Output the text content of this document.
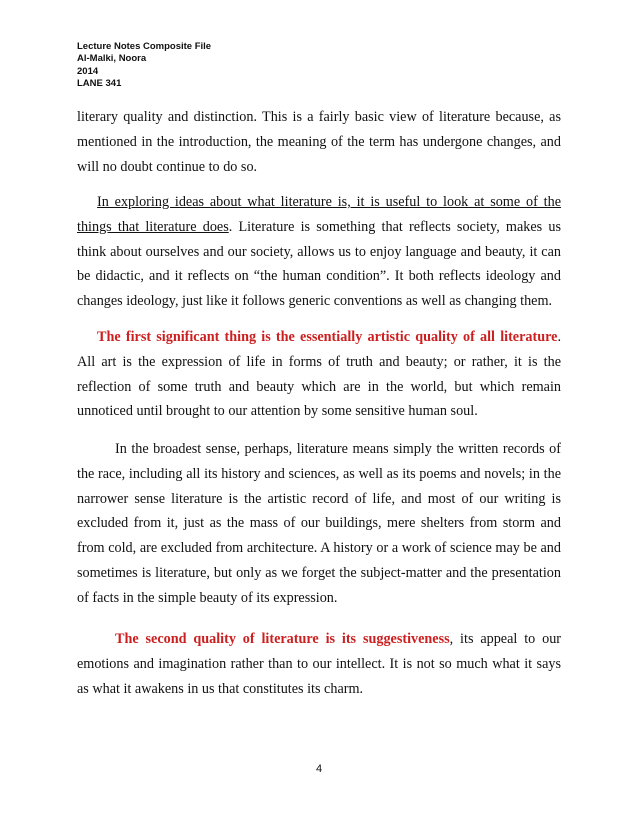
Lecture Notes Composite File
Al-Malki, Noora
2014
LANE 341

literary quality and distinction. This is a fairly basic view of literature because, as mentioned in the introduction, the meaning of the term has undergone changes, and will no doubt continue to do so.

In exploring ideas about what literature is, it is useful to look at some of the things that literature does. Literature is something that reflects society, makes us think about ourselves and our society, allows us to enjoy language and beauty, it can be didactic, and it reflects on “the human condition”. It both reflects ideology and changes ideology, just like it follows generic conventions as well as changing them.

The first significant thing is the essentially artistic quality of all literature. All art is the expression of life in forms of truth and beauty; or rather, it is the reflection of some truth and beauty which are in the world, but which remain unnoticed until brought to our attention by some sensitive human soul.

In the broadest sense, perhaps, literature means simply the written records of the race, including all its history and sciences, as well as its poems and novels; in the narrower sense literature is the artistic record of life, and most of our writing is excluded from it, just as the mass of our buildings, mere shelters from storm and from cold, are excluded from architecture. A history or a work of science may be and sometimes is literature, but only as we forget the subject-matter and the presentation of facts in the simple beauty of its expression.

The second quality of literature is its suggestiveness, its appeal to our emotions and imagination rather than to our intellect. It is not so much what it says as what it awakens in us that constitutes its charm.

4
